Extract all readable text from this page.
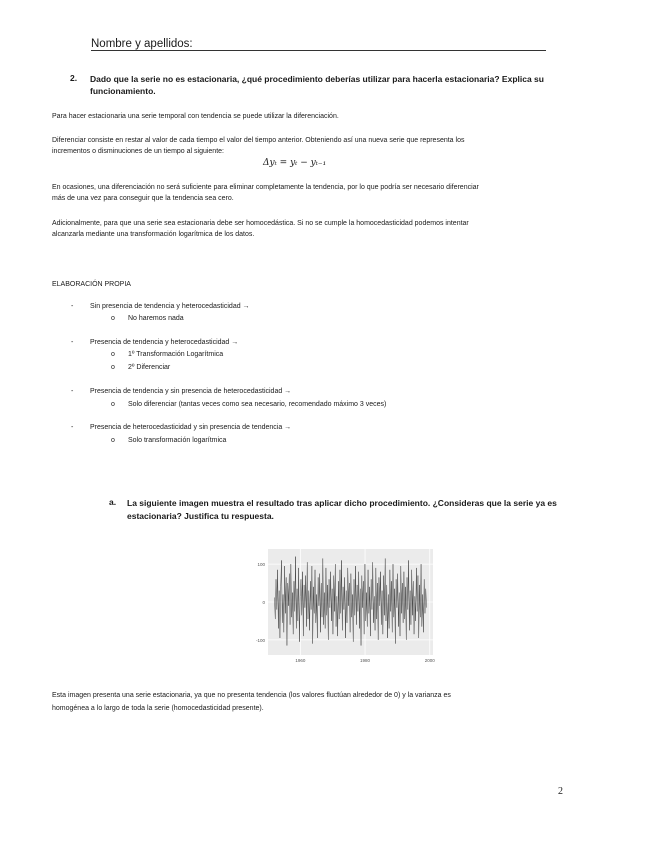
Nombre y apellidos:
2. Dado que la serie no es estacionaria, ¿qué procedimiento deberías utilizar para hacerla estacionaria? Explica su
funcionamiento.
Para hacer estacionaria una serie temporal con tendencia se puede utilizar la diferenciación.
Diferenciar consiste en restar al valor de cada tiempo el valor del tiempo anterior. Obteniendo así una nueva serie que representa los
incrementos o disminuciones de un tiempo al siguiente:
Δyₜ = yₜ − yₜ₋₁
En ocasiones, una diferenciación no será suficiente para eliminar completamente la tendencia, por lo que podría ser necesario diferenciar
más de una vez para conseguir que la tendencia sea cero.
Adicionalmente, para que una serie sea estacionaria debe ser homocedástica. Si no se cumple la homocedasticidad podemos intentar
alcanzarla mediante una transformación logarítmica de los datos.
ELABORACIÓN PROPIA
- Sin presencia de tendencia y heterocedasticidad →
o No haremos nada
- Presencia de tendencia y heterocedasticidad →
o 1º Transformación Logarítmica
o 2º Diferenciar
- Presencia de tendencia y sin presencia de heterocedasticidad →
o Solo diferenciar (tantas veces como sea necesario, recomendado máximo 3 veces)
- Presencia de heterocedasticidad y sin presencia de tendencia →
o Solo transformación logarítmica
a. La siguiente imagen muestra el resultado tras aplicar dicho procedimiento. ¿Consideras que la serie ya es
estacionaria? Justifica tu respuesta.
100
0
-100
1960	1980	2000
Esta imagen presenta una serie estacionaria, ya que no presenta tendencia (los valores fluctúan alrededor de 0) y la varianza es
homogénea a lo largo de toda la serie (homocedasticidad presente).
2
